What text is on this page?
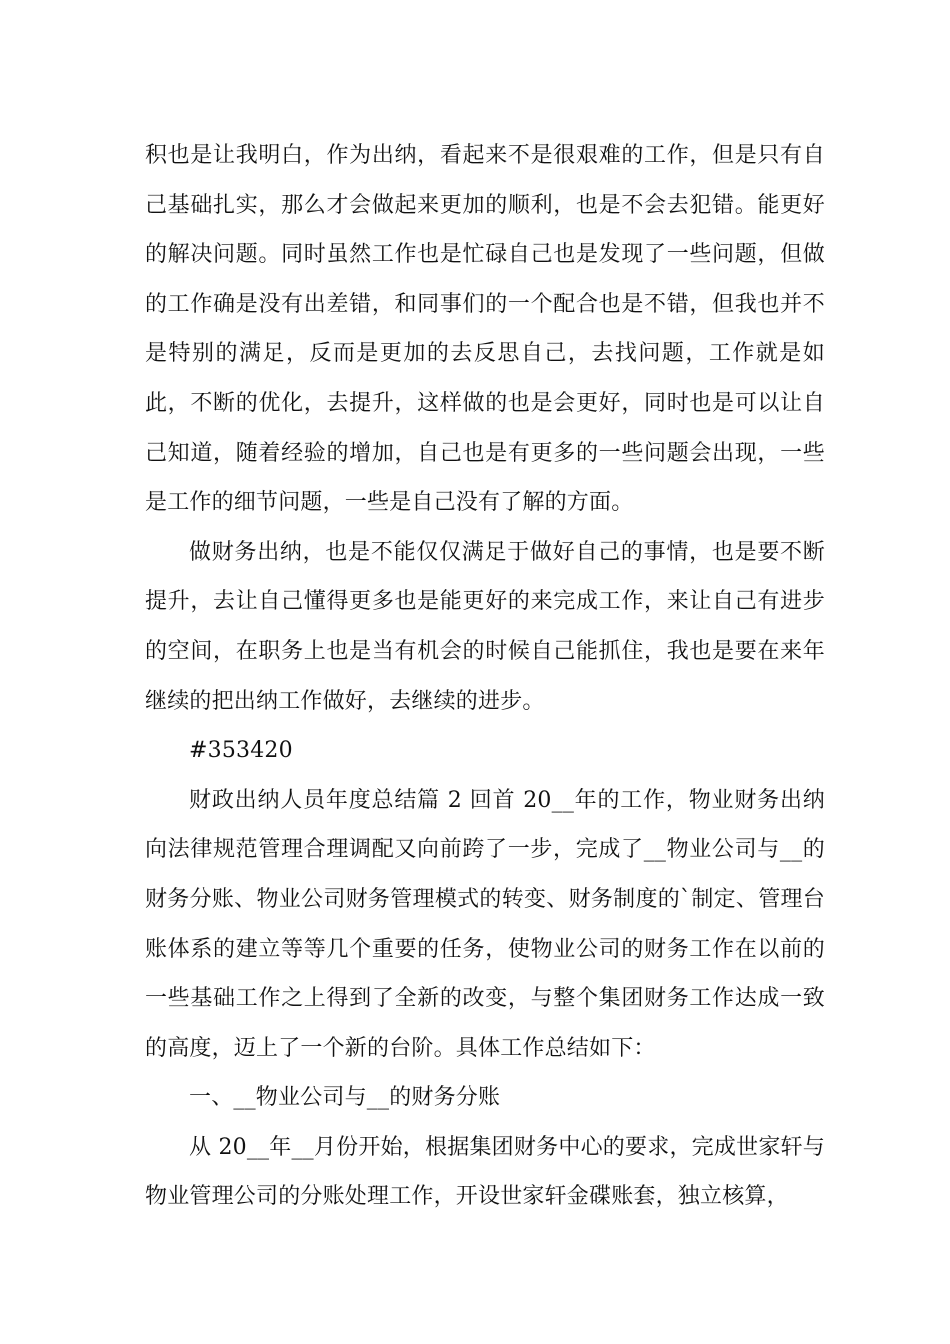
积也是让我明白，作为出纳，看起来不是很艰难的工作，但是只有自己基础扎实，那么才会做起来更加的顺利，也是不会去犯错。能更好的解决问题。同时虽然工作也是忙碌自己也是发现了一些问题，但做的工作确是没有出差错，和同事们的一个配合也是不错，但我也并不是特别的满足，反而是更加的去反思自己，去找问题，工作就是如此，不断的优化，去提升，这样做的也是会更好，同时也是可以让自己知道，随着经验的增加，自己也是有更多的一些问题会出现，一些是工作的细节问题，一些是自己没有了解的方面。

做财务出纳，也是不能仅仅满足于做好自己的事情，也是要不断提升，去让自己懂得更多也是能更好的来完成工作，来让自己有进步的空间，在职务上也是当有机会的时候自己能抓住，我也是要在来年继续的把出纳工作做好，去继续的进步。

#353420

财政出纳人员年度总结篇 2 回首 20__年的工作，物业财务出纳向法律规范管理合理调配又向前跨了一步，完成了__物业公司与__的财务分账、物业公司财务管理模式的转变、财务制度的`制定、管理台账体系的建立等等几个重要的任务，使物业公司的财务工作在以前的一些基础工作之上得到了全新的改变，与整个集团财务工作达成一致的高度，迈上了一个新的台阶。具体工作总结如下：

一、__物业公司与__的财务分账

从 20__年__月份开始，根据集团财务中心的要求，完成世家轩与物业管理公司的分账处理工作，开设世家轩金碟账套，独立核算，
